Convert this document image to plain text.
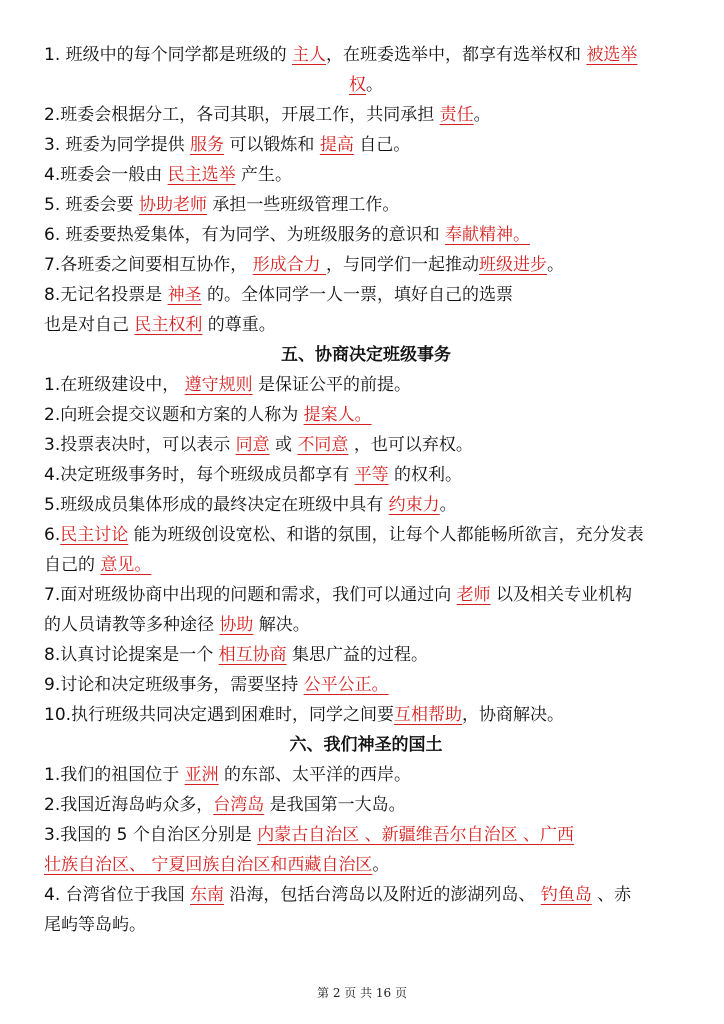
1. 班级中的每个同学都是班级的 主人，在班委选举中，都享有选举权和 被选举

权。

2.班委会根据分工，各司其职，开展工作，共同承担 责任。

3. 班委为同学提供 服务 可以锻炼和 提高 自己。

4.班委会一般由 民主选举 产生。

5. 班委会要 协助老师 承担一些班级管理工作。

6. 班委要热爱集体，有为同学、为班级服务的意识和 奉献精神。

7.各班委之间要相互协作， 形成合力 ，与同学们一起推动班级进步。

8.无记名投票是 神圣 的。全体同学一人一票，填好自己的选票

也是对自己 民主权利 的尊重。

五、协商决定班级事务

1.在班级建设中， 遵守规则 是保证公平的前提。

2.向班会提交议题和方案的人称为 提案人。

3.投票表决时，可以表示 同意 或 不同意 ，也可以弃权。

4.决定班级事务时，每个班级成员都享有 平等 的权利。

5.班级成员集体形成的最终决定在班级中具有 约束力。

6.民主讨论 能为班级创设宽松、和谐的氛围，让每个人都能畅所欲言，充分发表

自己的 意见。

7.面对班级协商中出现的问题和需求，我们可以通过向 老师 以及相关专业机构

的人员请教等多种途径 协助 解决。

8.认真讨论提案是一个 相互协商 集思广益的过程。

9.讨论和决定班级事务，需要坚持 公平公正。

10.执行班级共同决定遇到困难时，同学之间要互相帮助，协商解决。

六、我们神圣的国土

1.我们的祖国位于 亚洲 的东部、太平洋的西岸。

2.我国近海岛屿众多，台湾岛 是我国第一大岛。

3.我国的 5 个自治区分别是 内蒙古自治区 、新疆维吾尔自治区 、广西

壮族自治区、 宁夏回族自治区和西藏自治区。

4. 台湾省位于我国 东南 沿海，包括台湾岛以及附近的澎湖列岛、 钓鱼岛 、赤

尾屿等岛屿。

第 2 页 共 16 页
